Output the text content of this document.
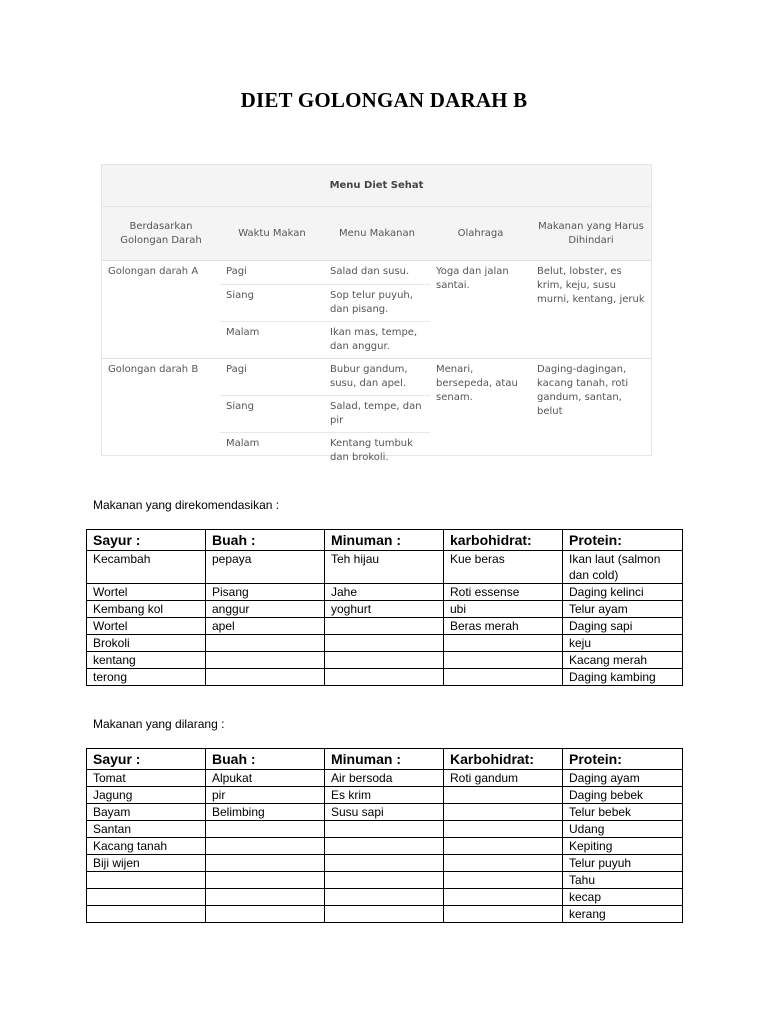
DIET GOLONGAN DARAH B
Menu Diet Sehat				
Berdasarkan Golongan Darah	Waktu Makan	Menu Makanan	Olahraga	Makanan yang Harus Dihindari
Golongan darah A	Pagi	Salad dan susu.	Yoga dan jalan santai.	Belut, lobster, es krim, keju, susu murni, kentang, jeruk
	Siang	Sop telur puyuh, dan pisang.		
	Malam	Ikan mas, tempe, dan anggur.		
Golongan darah B	Pagi	Bubur gandum, susu, dan apel.	Menari, bersepeda, atau senam.	Daging-dagingan, kacang tanah, roti gandum, santan, belut
	Siang	Salad, tempe, dan pir		
	Malam	Kentang tumbuk dan brokoli.		
Makanan yang direkomendasikan :
Sayur :	Buah :	Minuman :	karbohidrat:	Protein:
Kecambah	pepaya	Teh hijau	Kue beras	Ikan laut (salmon dan cold)
Wortel	Pisang	Jahe	Roti essense	Daging kelinci
Kembang kol	anggur	yoghurt	ubi	Telur ayam
Wortel	apel		Beras merah	Daging sapi
Brokoli				keju
kentang				Kacang merah
terong				Daging kambing
Makanan yang dilarang :
Sayur :	Buah :	Minuman :	Karbohidrat:	Protein:
Tomat	Alpukat	Air bersoda	Roti gandum	Daging ayam
Jagung	pir	Es krim		Daging bebek
Bayam	Belimbing	Susu sapi		Telur bebek
Santan				Udang
Kacang tanah				Kepiting
Biji wijen				Telur puyuh
				Tahu
				kecap
				kerang
